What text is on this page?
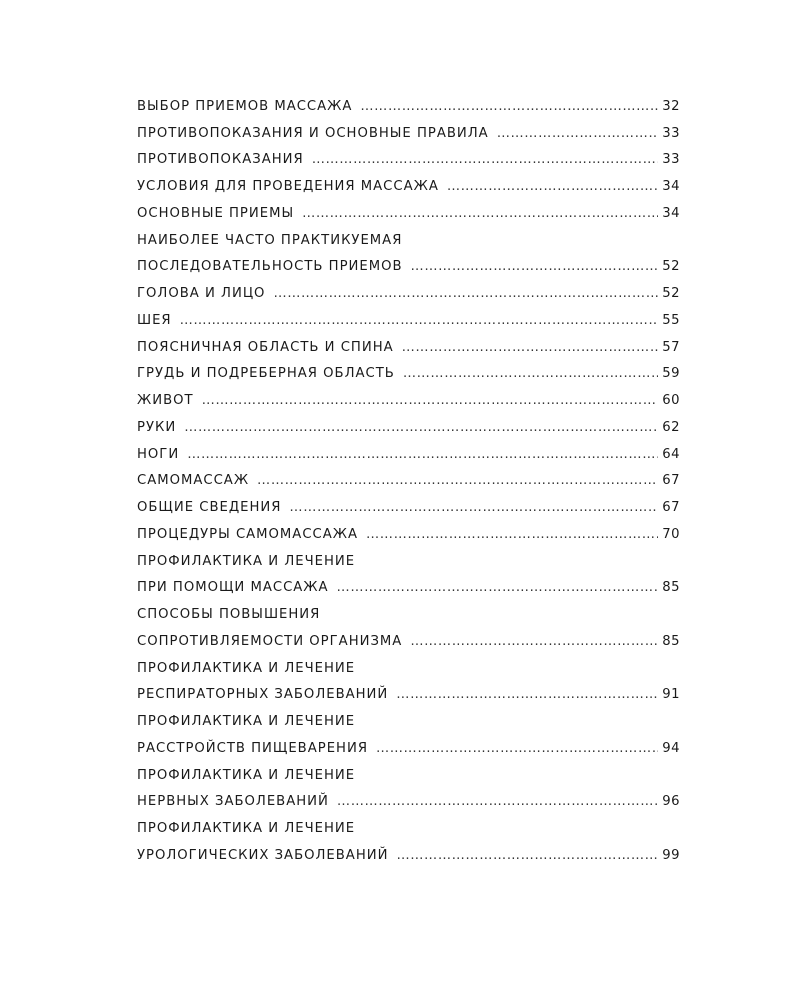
ВЫБОР ПРИЕМОВ МАССАЖА ……………………………………………………………………………………………………………………………………………………	32
ПРОТИВОПОКАЗАНИЯ И ОСНОВНЫЕ ПРАВИЛА ……………………………………………………………………………………………………………………………………………………	33
ПРОТИВОПОКАЗАНИЯ ……………………………………………………………………………………………………………………………………………………	33
УСЛОВИЯ ДЛЯ ПРОВЕДЕНИЯ МАССАЖА ……………………………………………………………………………………………………………………………………………………	34
ОСНОВНЫЕ ПРИЕМЫ ……………………………………………………………………………………………………………………………………………………	34
НАИБОЛЕЕ ЧАСТО ПРАКТИКУЕМАЯ
ПОСЛЕДОВАТЕЛЬНОСТЬ ПРИЕМОВ ……………………………………………………………………………………………………………………………………………………	52
ГОЛОВА И ЛИЦО ……………………………………………………………………………………………………………………………………………………	52
ШЕЯ ……………………………………………………………………………………………………………………………………………………	55
ПОЯСНИЧНАЯ ОБЛАСТЬ И СПИНА ……………………………………………………………………………………………………………………………………………………	57
ГРУДЬ И ПОДРЕБЕРНАЯ ОБЛАСТЬ ……………………………………………………………………………………………………………………………………………………	59
ЖИВОТ ……………………………………………………………………………………………………………………………………………………	60
РУКИ ……………………………………………………………………………………………………………………………………………………	62
НОГИ ……………………………………………………………………………………………………………………………………………………	64
САМОМАССАЖ ……………………………………………………………………………………………………………………………………………………	67
ОБЩИЕ СВЕДЕНИЯ ……………………………………………………………………………………………………………………………………………………	67
ПРОЦЕДУРЫ САМОМАССАЖА ……………………………………………………………………………………………………………………………………………………	70
ПРОФИЛАКТИКА И ЛЕЧЕНИЕ
ПРИ ПОМОЩИ МАССАЖА ……………………………………………………………………………………………………………………………………………………	85
СПОСОБЫ ПОВЫШЕНИЯ
СОПРОТИВЛЯЕМОСТИ ОРГАНИЗМА ……………………………………………………………………………………………………………………………………………………	85
ПРОФИЛАКТИКА И ЛЕЧЕНИЕ
РЕСПИРАТОРНЫХ ЗАБОЛЕВАНИЙ ……………………………………………………………………………………………………………………………………………………	91
ПРОФИЛАКТИКА И ЛЕЧЕНИЕ
РАССТРОЙСТВ ПИЩЕВАРЕНИЯ ……………………………………………………………………………………………………………………………………………………	94
ПРОФИЛАКТИКА И ЛЕЧЕНИЕ
НЕРВНЫХ ЗАБОЛЕВАНИЙ ……………………………………………………………………………………………………………………………………………………	96
ПРОФИЛАКТИКА И ЛЕЧЕНИЕ
УРОЛОГИЧЕСКИХ ЗАБОЛЕВАНИЙ ……………………………………………………………………………………………………………………………………………………	99
